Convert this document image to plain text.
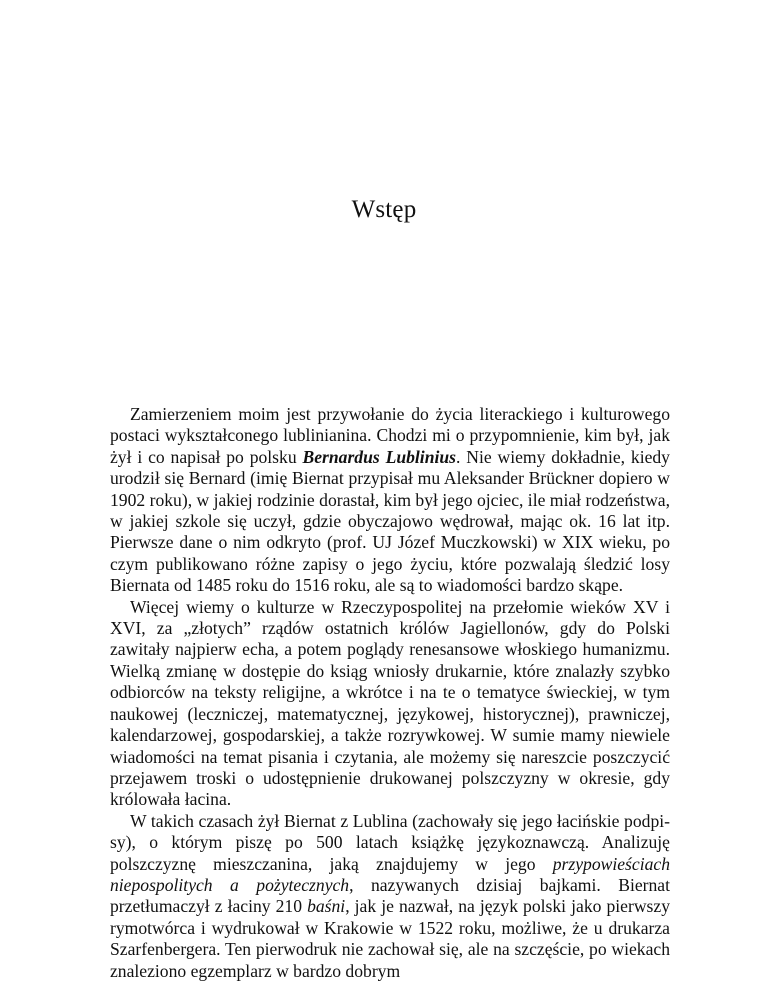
Wstęp

Zamierzeniem moim jest przywołanie do życia literackiego i kulturowego postaci wykształconego lublinianina. Chodzi mi o przypomnienie, kim był, jak żył i co napisał po polsku Bernardus Lublinius. Nie wiemy dokładnie, kiedy urodził się Bernard (imię Biernat przypisał mu Aleksander Brückner dopiero w 1902 roku), w jakiej rodzinie dorastał, kim był jego ojciec, ile miał rodzeństwa, w jakiej szkole się uczył, gdzie obyczajowo wędrował, mając ok. 16 lat itp. Pierwsze dane o nim odkryto (prof. UJ Józef Muczkowski) w XIX wieku, po czym publikowano różne zapisy o jego życiu, które pozwalają śledzić losy Biernata od 1485 roku do 1516 roku, ale są to wiadomości bardzo skąpe.

Więcej wiemy o kulturze w Rzeczypospolitej na przełomie wieków XV i XVI, za „złotych” rządów ostatnich królów Jagiellonów, gdy do Polski zawitały najpierw echa, a potem poglądy renesansowe włoskiego humanizmu. Wielką zmianę w dostępie do ksiąg wniosły drukarnie, które znalazły szybko odbiorców na teksty religijne, a wkrótce i na te o tematyce świeckiej, w tym naukowej (leczniczej, matematycznej, językowej, historycznej), prawniczej, kalendarzowej, gospodarskiej, a także rozrywkowej. W sumie mamy niewiele wiadomości na temat pisania i czytania, ale możemy się nareszcie poszczycić przejawem troski o udostępnienie drukowanej polszczyzny w okresie, gdy królowała łacina.

W takich czasach żył Biernat z Lublina (zachowały się jego łacińskie podpisy), o którym piszę po 500 latach książkę językoznawczą. Analizuję polszczyznę mieszczanina, jaką znajdujemy w jego przypowieściach niepospolitych a pożytecznych, nazywanych dzisiaj bajkami. Biernat przetłumaczył z łaciny 210 baśni, jak je nazwał, na język polski jako pierwszy rymotwórca i wydrukował w Krakowie w 1522 roku, możliwe, że u drukarza Szarfenbergera. Ten pierwodruk nie zachował się, ale na szczęście, po wiekach znaleziono egzemplarz w bardzo dobrym
